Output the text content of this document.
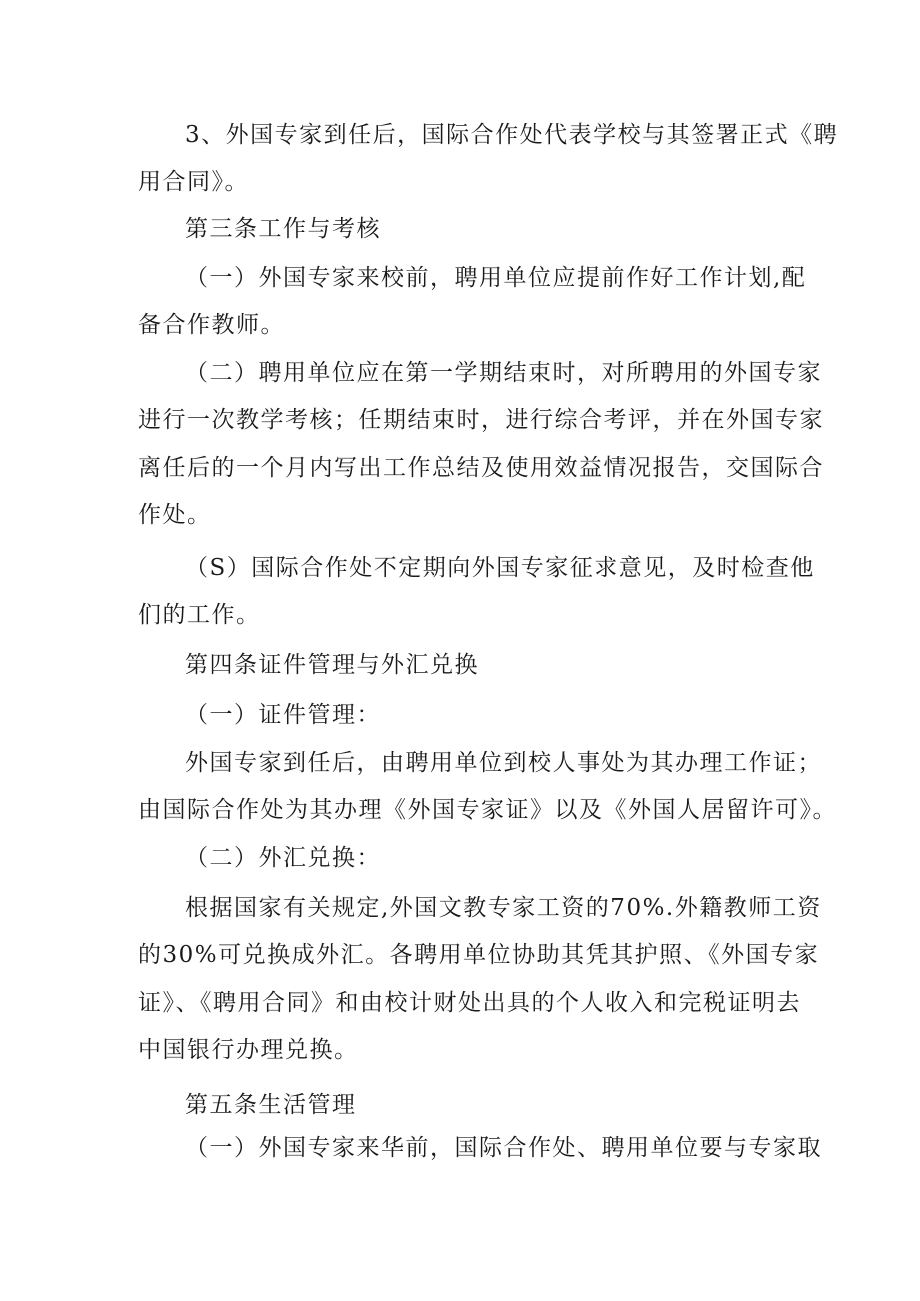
3、外国专家到任后，国际合作处代表学校与其签署正式《聘
用合同》。
第三条工作与考核
（一）外国专家来校前，聘用单位应提前作好工作计划,配
备合作教师。
（二）聘用单位应在第一学期结束时，对所聘用的外国专家
进行一次教学考核；任期结束时，进行综合考评，并在外国专家
离任后的一个月内写出工作总结及使用效益情况报告，交国际合
作处。
（S）国际合作处不定期向外国专家征求意见，及时检查他
们的工作。
第四条证件管理与外汇兑换
（一）证件管理：
外国专家到任后，由聘用单位到校人事处为其办理工作证；
由国际合作处为其办理《外国专家证》以及《外国人居留许可》。
（二）外汇兑换：
根据国家有关规定,外国文教专家工资的70%.外籍教师工资
的30%可兑换成外汇。各聘用单位协助其凭其护照、《外国专家
证》、《聘用合同》和由校计财处出具的个人收入和完税证明去
中国银行办理兑换。
第五条生活管理
（一）外国专家来华前，国际合作处、聘用单位要与专家取
